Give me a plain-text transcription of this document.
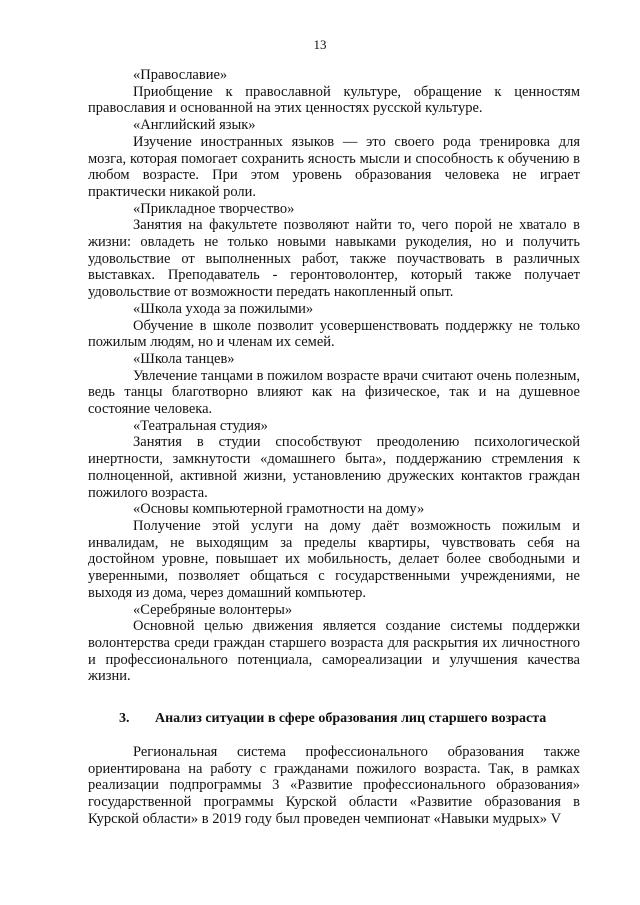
13

«Православие»

Приобщение к православной культуре, обращение к ценностям православия и основанной на этих ценностях русской культуре.

«Английский язык»

Изучение иностранных языков — это своего рода тренировка для мозга, которая помогает сохранить ясность мысли и способность к обучению в любом возрасте. При этом уровень образования человека не играет практически никакой роли.

«Прикладное творчество»

Занятия на факультете позволяют найти то, чего порой не хватало в жизни: овладеть не только новыми навыками рукоделия, но и получить удовольствие от выполненных работ, также поучаствовать в различных выставках. Преподаватель - геронтоволонтер, который также получает удовольствие от возможности передать накопленный опыт.

«Школа ухода за пожилыми»

Обучение в школе позволит усовершенствовать поддержку не только пожилым людям, но и членам их семей.

«Школа танцев»

Увлечение танцами в пожилом возрасте врачи считают очень полезным, ведь танцы благотворно влияют как на физическое, так и на душевное состояние человека.

«Театральная студия»

Занятия в студии способствуют преодолению психологической инертности, замкнутости «домашнего быта», поддержанию стремления к полноценной, активной жизни, установлению дружеских контактов граждан пожилого возраста.

«Основы компьютерной грамотности на дому»

Получение этой услуги на дому даёт возможность пожилым и инвалидам, не выходящим за пределы квартиры, чувствовать себя на достойном уровне, повышает их мобильность, делает более свободными и уверенными, позволяет общаться с государственными учреждениями, не выходя из дома, через домашний компьютер.

«Серебряные волонтеры»

Основной целью движения является создание системы поддержки волонтерства среди граждан старшего возраста для раскрытия их личностного и профессионального потенциала, самореализации и улучшения качества жизни.

3. Анализ ситуации в сфере образования лиц старшего возраста

Региональная система профессионального образования также ориентирована на работу с гражданами пожилого возраста. Так, в рамках реализации подпрограммы 3 «Развитие профессионального образования» государственной программы Курской области «Развитие образования в Курской области» в 2019 году был проведен чемпионат «Навыки мудрых» V
